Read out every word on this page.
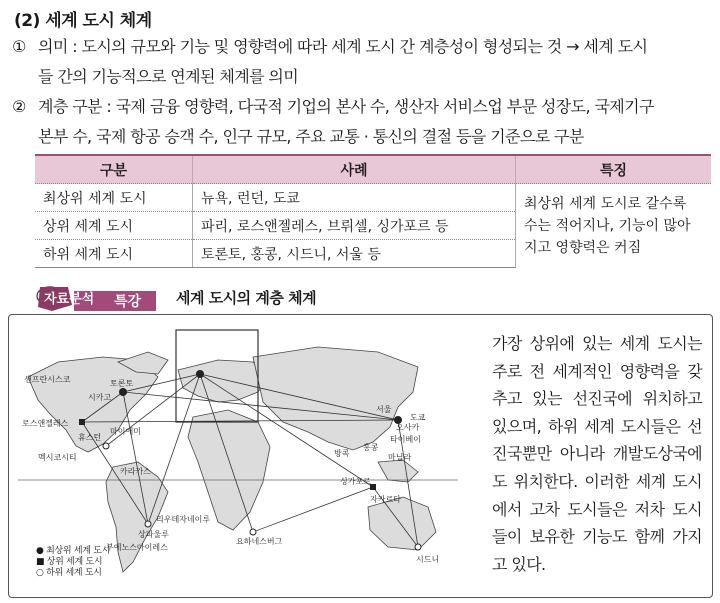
(2) 세계 도시 체계
① 의미 : 도시의 규모와 기능 및 영향력에 따라 세계 도시 간 계층성이 형성되는 것 → 세계 도시
들 간의 기능적으로 연계된 체계를 의미
② 계층 구분 : 국제 금융 영향력, 다국적 기업의 본사 수, 생산자 서비스업 부문 성장도, 국제기구
본부 수, 국제 항공 승객 수, 인구 규모, 주요 교통 · 통신의 결절 등을 기준으로 구분
구분	사례	특징
최상위 세계 도시	뉴욕, 런던, 도쿄	최상위 세계 도시로 갈수록
수는 적어지나, 기능이 많아
지고 영향력은 커짐

상위 세계 도시	파리, 로스앤젤레스, 브뤼셀, 싱가포르 등	
하위 세계 도시	토론토, 홍콩, 시드니, 서울 등	
자료분석 특강 세계 도시의 계층 체계
샌프란시스코
시카고
토론토
로스앤젤레스
휴스턴
마이애미
멕시코시티
카라카스
리우데자네이루
상파울루
부에노스아이레스
요하네스버그
서울
도쿄
오사카
타이베이
홍콩
마닐라
방콕
싱가포르
자카르타
시드니
● 최상위 세계 도시
■ 상위 세계 도시
○ 하위 세계 도시
가장 상위에 있는 세계 도시는 주로 전 세계적인 영향력을 갖추고 있는 선진국에 위치하고 있으며, 하위 세계 도시들은 선진국뿐만 아니라 개발도상국에도 위치한다. 이러한 세계 도시에서 고차 도시들은 저차 도시들이 보유한 기능도 함께 가지고 있다.
